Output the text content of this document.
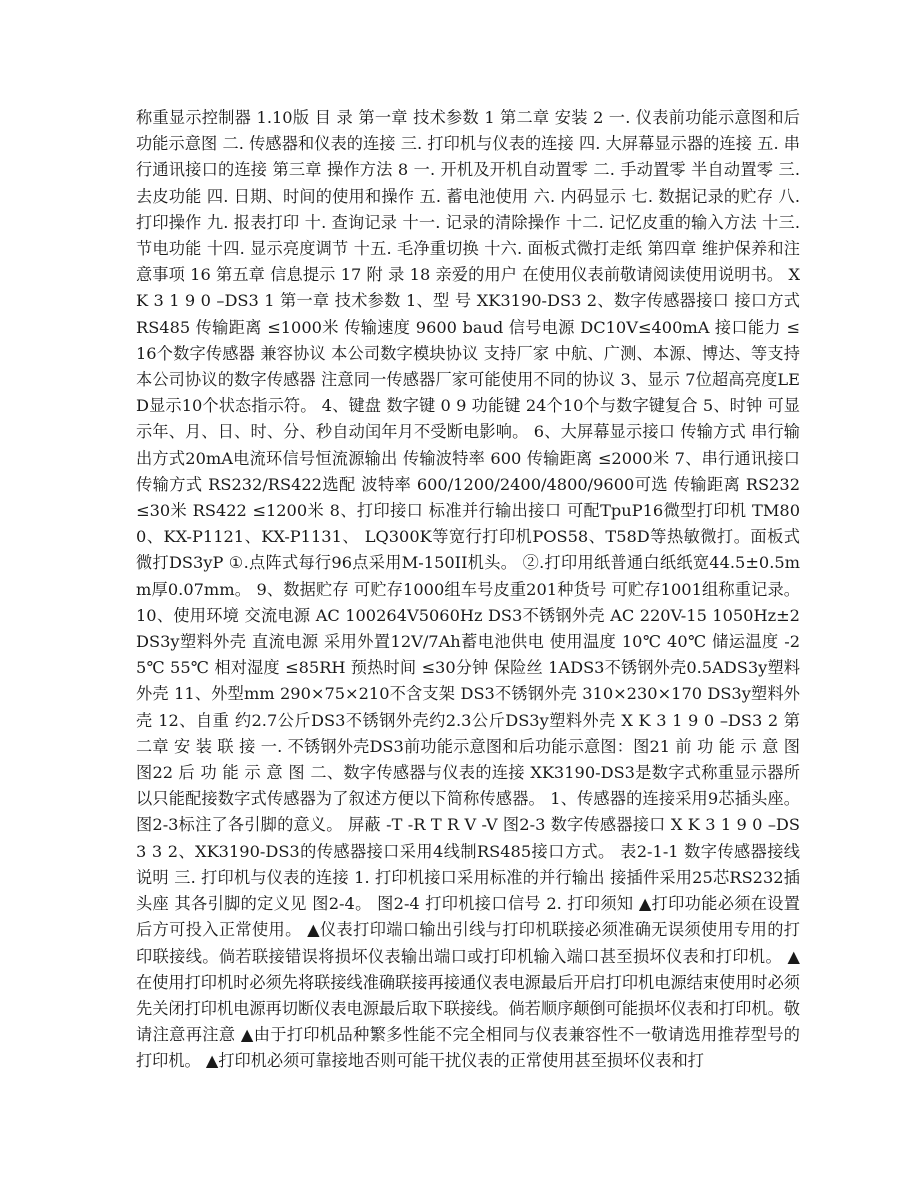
称重显示控制器 1.10版 目 录 第一章 技术参数 1 第二章 安装 2 一. 仪表前功能示意图和后功能示意图 二. 传感器和仪表的连接 三. 打印机与仪表的连接 四. 大屏幕显示器的连接 五. 串行通讯接口的连接 第三章 操作方法 8 一. 开机及开机自动置零 二. 手动置零 半自动置零 三. 去皮功能 四. 日期、时间的使用和操作 五. 蓄电池使用 六. 内码显示 七. 数据记录的贮存 八. 打印操作 九. 报表打印 十. 查询记录 十一. 记录的清除操作 十二. 记忆皮重的输入方法 十三.节电功能 十四. 显示亮度调节 十五. 毛净重切换 十六. 面板式微打走纸 第四章 维护保养和注意事项 16 第五章 信息提示 17 附 录 18 亲爱的用户 在使用仪表前敬请阅读使用说明书。 X K 3 1 9 0 –DS3 1 第一章 技术参数 1、型 号 XK3190-DS3 2、数字传感器接口 接口方式 RS485 传输距离 ≤1000米 传输速度 9600 baud 信号电源 DC10V≤400mA 接口能力 ≤16个数字传感器 兼容协议 本公司数字模块协议 支持厂家 中航、广测、本源、博达、等支持本公司协议的数字传感器 注意同一传感器厂家可能使用不同的协议 3、显示 7位超高亮度LED显示10个状态指示符。 4、键盘 数字键 0 9 功能键 24个10个与数字键复合 5、时钟 可显示年、月、日、时、分、秒自动闰年月不受断电影响。 6、大屏幕显示接口 传输方式 串行输出方式20mA电流环信号恒流源输出 传输波特率 600 传输距离 ≤2000米 7、串行通讯接口 传输方式 RS232/RS422选配 波特率 600/1200/2400/4800/9600可选 传输距离 RS232 ≤30米 RS422 ≤1200米 8、打印接口 标准并行输出接口 可配TpuP16微型打印机 TM800、KX-P1121、KX-P1131、 LQ300K等宽行打印机POS58、T58D等热敏微打。面板式微打DS3yP ①.点阵式每行96点采用M-150II机头。 ②.打印用纸普通白纸纸宽44.5±0.5mm厚0.07mm。 9、数据贮存 可贮存1000组车号皮重201种货号 可贮存1001组称重记录。 10、使用环境 交流电源 AC 100264V5060Hz DS3不锈钢外壳 AC 220V-15 1050Hz±2 DS3y塑料外壳 直流电源 采用外置12V/7Ah蓄电池供电 使用温度 10℃ 40℃ 储运温度 -25℃ 55℃ 相对湿度 ≤85RH 预热时间 ≤30分钟 保险丝 1ADS3不锈钢外壳0.5ADS3y塑料外壳 11、外型mm 290×75×210不含支架 DS3不锈钢外壳 310×230×170 DS3y塑料外壳 12、自重 约2.7公斤DS3不锈钢外壳约2.3公斤DS3y塑料外壳 X K 3 1 9 0 –DS3 2 第二章 安 装 联 接 一. 不锈钢外壳DS3前功能示意图和后功能示意图：图21 前 功 能 示 意 图 图22 后 功 能 示 意 图 二、数字传感器与仪表的连接 XK3190-DS3是数字式称重显示器所以只能配接数字式传感器为了叙述方便以下简称传感器。 1、传感器的连接采用9芯插头座。图2-3标注了各引脚的意义。 屏蔽 -T -R T R V -V 图2-3 数字传感器接口 X K 3 1 9 0 –DS3 3 2、XK3190-DS3的传感器接口采用4线制RS485接口方式。 表2-1-1 数字传感器接线说明 三. 打印机与仪表的连接 1. 打印机接口采用标准的并行输出 接插件采用25芯RS232插头座 其各引脚的定义见 图2-4。 图2-4 打印机接口信号 2. 打印须知 ▲打印功能必须在设置后方可投入正常使用。 ▲仪表打印端口输出引线与打印机联接必须准确无误须使用专用的打印联接线。倘若联接错误将损坏仪表输出端口或打印机输入端口甚至损坏仪表和打印机。 ▲在使用打印机时必须先将联接线准确联接再接通仪表电源最后开启打印机电源结束使用时必须先关闭打印机电源再切断仪表电源最后取下联接线。倘若顺序颠倒可能损坏仪表和打印机。敬请注意再注意 ▲由于打印机品种繁多性能不完全相同与仪表兼容性不一敬请选用推荐型号的打印机。 ▲打印机必须可靠接地否则可能干扰仪表的正常使用甚至损坏仪表和打
